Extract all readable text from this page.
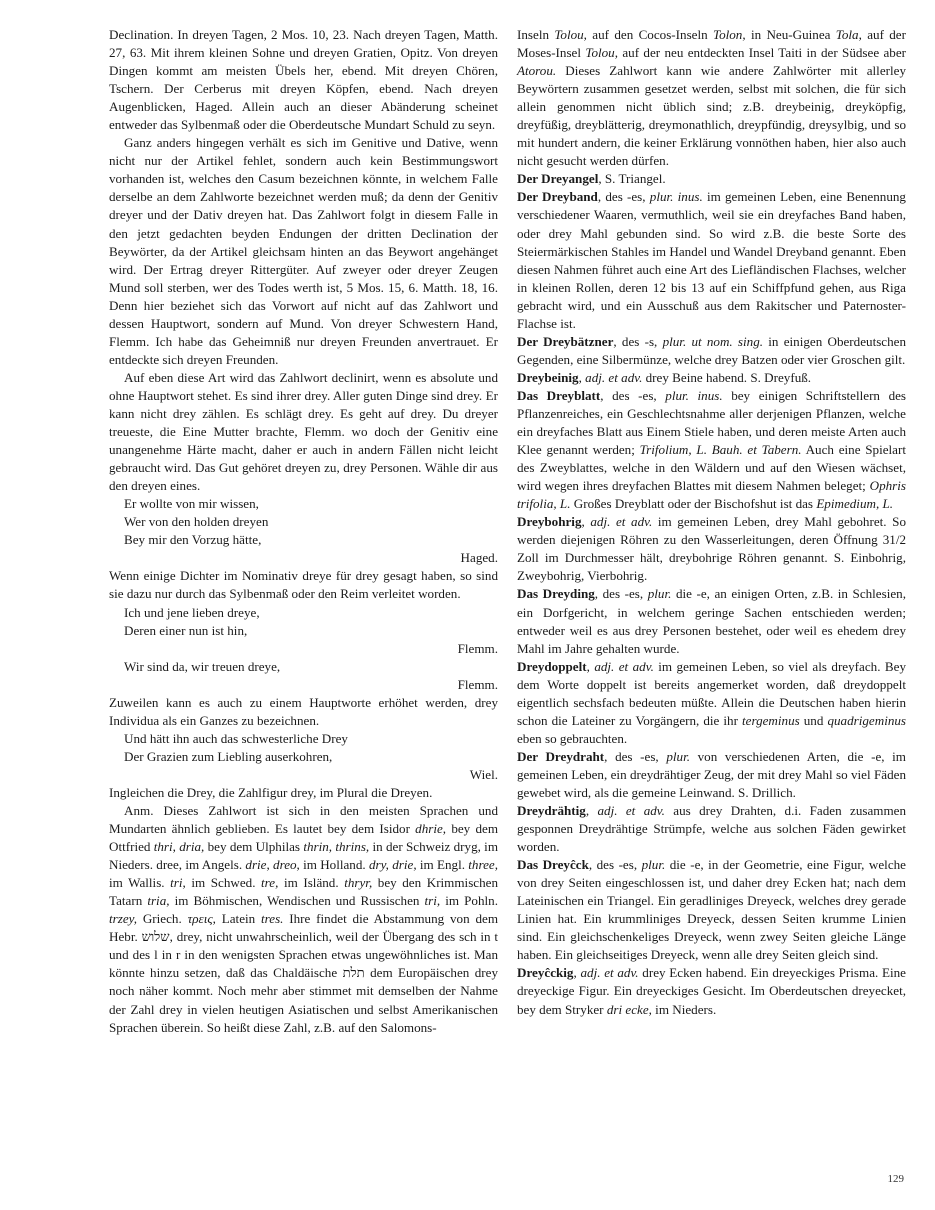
Declination. In dreyen Tagen, 2 Mos. 10, 23. Nach dreyen Tagen, Matth. 27, 63. Mit ihrem kleinen Sohne und dreyen Gratien, Opitz. Von dreyen Dingen kommt am meisten Übels her, ebend. Mit dreyen Chören, Tschern. Der Cerberus mit dreyen Köpfen, ebend. Nach dreyen Augenblicken, Haged. Allein auch an dieser Abänderung scheinet entweder das Sylbenmaß oder die Oberdeutsche Mundart Schuld zu seyn.

Ganz anders hingegen verhält es sich im Genitive und Dative, wenn nicht nur der Artikel fehlet, sondern auch kein Bestimmungswort vorhanden ist, welches den Casum bezeichnen könnte, in welchem Falle derselbe an dem Zahlworte bezeichnet werden muß; da denn der Genitiv dreyer und der Dativ dreyen hat. Das Zahlwort folgt in diesem Falle in den jetzt gedachten beyden Endungen der dritten Declination der Beywörter, da der Artikel gleichsam hinten an das Beywort angehänget wird. Der Ertrag dreyer Rittergüter. Auf zweyer oder dreyer Zeugen Mund soll sterben, wer des Todes werth ist, 5 Mos. 15, 6. Matth. 18, 16. Denn hier beziehet sich das Vorwort auf nicht auf das Zahlwort und dessen Hauptwort, sondern auf Mund. Von dreyer Schwestern Hand, Flemm. Ich habe das Geheimniß nur dreyen Freunden anvertrauet. Er entdeckte sich dreyen Freunden.

Auf eben diese Art wird das Zahlwort declinirt, wenn es absolute und ohne Hauptwort stehet. Es sind ihrer drey. Aller guten Dinge sind drey. Er kann nicht drey zählen. Es schlägt drey. Es geht auf drey. Du dreyer treueste, die Eine Mutter brachte, Flemm. wo doch der Genitiv eine unangenehme Härte macht, daher er auch in andern Fällen nicht leicht gebraucht wird. Das Gut gehöret dreyen zu, drey Personen. Wähle dir aus den dreyen eines.

Er wollte von mir wissen,
Wer von den holden dreyen
Bey mir den Vorzug hätte,
Haged.

Wenn einige Dichter im Nominativ dreye für drey gesagt haben, so sind sie dazu nur durch das Sylbenmaß oder den Reim verleitet worden.

Ich und jene lieben dreye,
Deren einer nun ist hin,
Flemm.
Wir sind da, wir treuen dreye,
Flemm.

Zuweilen kann es auch zu einem Hauptworte erhöhet werden, drey Individua als ein Ganzes zu bezeichnen.

Und hätt ihn auch das schwesterliche Drey
Der Grazien zum Liebling auserkohren,
Wiel.

Ingleichen die Drey, die Zahlfigur drey, im Plural die Dreyen.

Anm. Dieses Zahlwort ist sich in den meisten Sprachen und Mundarten ähnlich geblieben. Es lautet bey dem Isidor dhrie, bey dem Ottfried thri, dria, bey dem Ulphilas thrin, thrins, in der Schweiz dryg, im Nieders. dree, im Angels. drie, dreo, im Holland. dry, drie, im Engl. three, im Wallis. tri, im Schwed. tre, im Isländ. thryr, bey den Krimmischen Tatarn tria, im Böhmischen, Wendischen und Russischen tri, im Pohln. trzey, Griech. τρεις, Latein tres. Ihre findet die Abstammung von dem Hebr. שלוש, drey, nicht unwahrscheinlich, weil der Übergang des sch in t und des l in r in den wenigsten Sprachen etwas ungewöhnliches ist. Man könnte hinzu setzen, daß das Chaldäische תלת dem Europäischen drey noch näher kommt. Noch mehr aber stimmet mit demselben der Nahme der Zahl drey in vielen heutigen Asiatischen und selbst Amerikanischen Sprachen überein. So heißt diese Zahl, z.B. auf den Salomons-

Inseln Tolou, auf den Cocos-Inseln Tolon, in Neu-Guinea Tola, auf der Moses-Insel Tolou, auf der neu entdeckten Insel Taiti in der Südsee aber Atorou. Dieses Zahlwort kann wie andere Zahlwörter mit allerley Beywörtern zusammen gesetzet werden, selbst mit solchen, die für sich allein genommen nicht üblich sind; z.B. dreybeinig, dreyköpfig, dreyfüßig, dreyblätterig, dreymonathlich, dreypfündig, dreysylbig, und so mit hundert andern, die keiner Erklärung vonnöthen haben, hier also auch nicht gesucht werden dürfen.

Der Dreyangel, S. Triangel.

Der Dreyband, des -es, plur. inus. im gemeinen Leben, eine Benennung verschiedener Waaren, vermuthlich, weil sie ein dreyfaches Band haben, oder drey Mahl gebunden sind. So wird z.B. die beste Sorte des Steiermärkischen Stahles im Handel und Wandel Dreyband genannt. Eben diesen Nahmen führet auch eine Art des Liefländischen Flachses, welcher in kleinen Rollen, deren 12 bis 13 auf ein Schiffpfund gehen, aus Riga gebracht wird, und ein Ausschuß aus dem Rakitscher und Paternoster-Flachse ist.

Der Dreybätzner, des -s, plur. ut nom. sing. in einigen Oberdeutschen Gegenden, eine Silbermünze, welche drey Batzen oder vier Groschen gilt.

Dreybeinig, adj. et adv. drey Beine habend. S. Dreyfuß.

Das Dreyblatt, des -es, plur. inus. bey einigen Schriftstellern des Pflanzenreiches, ein Geschlechtsnahme aller derjenigen Pflanzen, welche ein dreyfaches Blatt aus Einem Stiele haben, und deren meiste Arten auch Klee genannt werden; Trifolium, L. Bauh. et Tabern. Auch eine Spielart des Zweyblattes, welche in den Wäldern und auf den Wiesen wächset, wird wegen ihres dreyfachen Blattes mit diesem Nahmen beleget; Ophris trifolia, L. Großes Dreyblatt oder der Bischofshut ist das Epimedium, L.

Dreybohrig, adj. et adv. im gemeinen Leben, drey Mahl gebohret. So werden diejenigen Röhren zu den Wasserleitungen, deren Öffnung 31/2 Zoll im Durchmesser hält, dreybohrige Röhren genannt. S. Einbohrig, Zweybohrig, Vierbohrig.

Das Dreyding, des -es, plur. die -e, an einigen Orten, z.B. in Schlesien, ein Dorfgericht, in welchem geringe Sachen entschieden werden; entweder weil es aus drey Personen bestehet, oder weil es ehedem drey Mahl im Jahre gehalten wurde.

Dreydoppelt, adj. et adv. im gemeinen Leben, so viel als dreyfach. Bey dem Worte doppelt ist bereits angemerket worden, daß dreydoppelt eigentlich sechsfach bedeuten müßte. Allein die Deutschen haben hierin schon die Lateiner zu Vorgängern, die ihr tergeminus und quadrigeminus eben so gebrauchten.

Der Dreydraht, des -es, plur. von verschiedenen Arten, die -e, im gemeinen Leben, ein dreydrähtiger Zeug, der mit drey Mahl so viel Fäden gewebet wird, als die gemeine Leinwand. S. Drillich.

Dreydrähtig, adj. et adv. aus drey Drahten, d.i. Faden zusammen gesponnen Dreydrähtige Strümpfe, welche aus solchen Fäden gewirket worden.

Das Dreyĉck, des -es, plur. die -e, in der Geometrie, eine Figur, welche von drey Seiten eingeschlossen ist, und daher drey Ecken hat; nach dem Lateinischen ein Triangel. Ein geradliniges Dreyeck, welches drey gerade Linien hat. Ein krummliniges Dreyeck, dessen Seiten krumme Linien sind. Ein gleichschenkeliges Dreyeck, wenn zwey Seiten gleiche Länge haben. Ein gleichseitiges Dreyeck, wenn alle drey Seiten gleich sind.

Dreyĉckig, adj. et adv. drey Ecken habend. Ein dreyeckiges Prisma. Eine dreyeckige Figur. Ein dreyeckiges Gesicht. Im Oberdeutschen dreyecket, bey dem Stryker dri ecke, im Nieders.

129
